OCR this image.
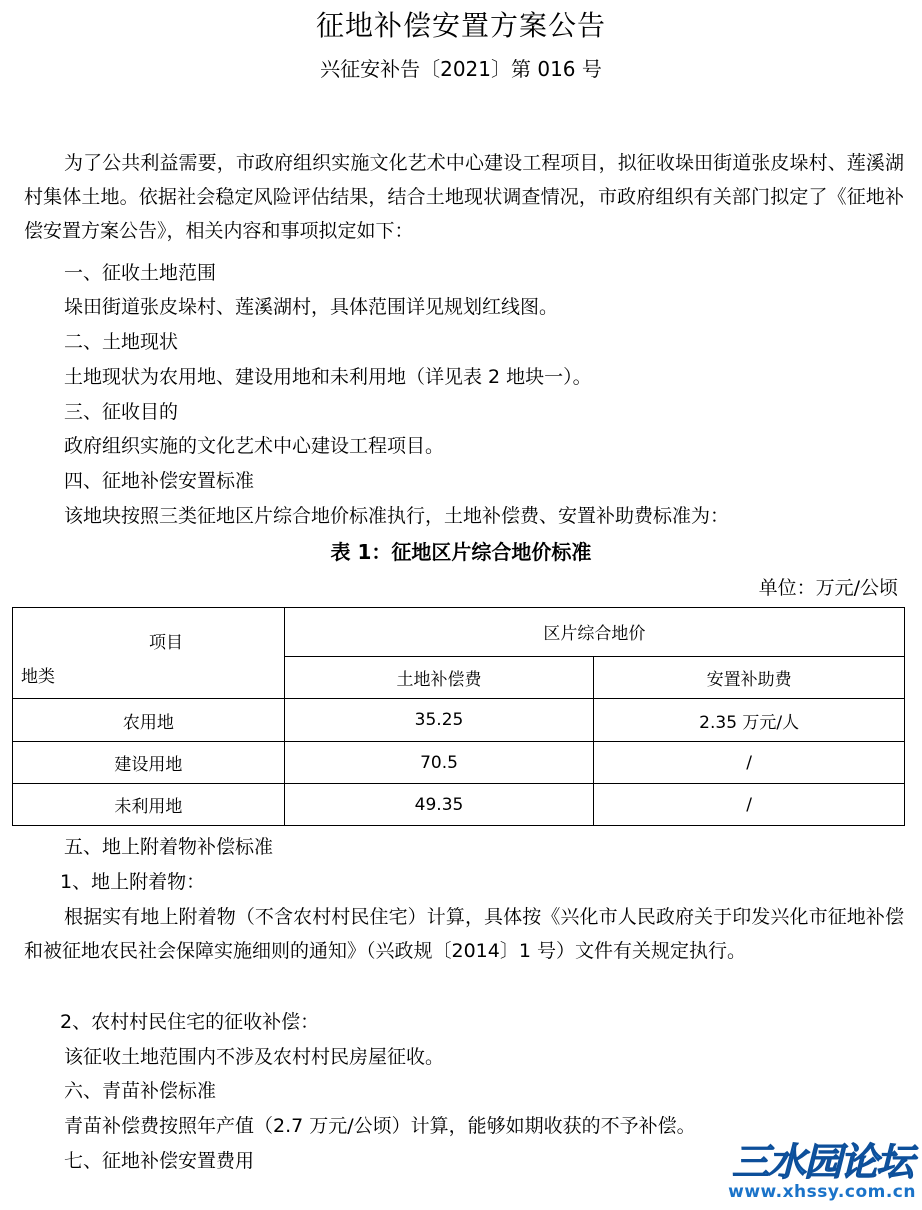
征地补偿安置方案公告
兴征安补告〔2021〕第 016 号

为了公共利益需要，市政府组织实施文化艺术中心建设工程项目，拟征收垛田街道张皮垛村、莲溪湖村集体土地。依据社会稳定风险评估结果，结合土地现状调查情况，市政府组织有关部门拟定了《征地补偿安置方案公告》，相关内容和事项拟定如下：

一、征收土地范围
垛田街道张皮垛村、莲溪湖村，具体范围详见规划红线图。
二、土地现状
土地现状为农用地、建设用地和未利用地（详见表 2 地块一）。
三、征收目的
政府组织实施的文化艺术中心建设工程项目。
四、征地补偿安置标准
该地块按照三类征地区片综合地价标准执行，土地补偿费、安置补助费标准为：
表 1：征地区片综合地价标准
单位：万元/公顷
项目
地类	区片综合地价	
	土地补偿费	安置补助费
农用地	35.25	2.35 万元/人
建设用地	70.5	/
未利用地	49.35	/
五、地上附着物补偿标准
1、地上附着物：

根据实有地上附着物（不含农村村民住宅）计算，具体按《兴化市人民政府关于印发兴化市征地补偿和被征地农民社会保障实施细则的通知》（兴政规〔2014〕1 号）文件有关规定执行。

2、农村村民住宅的征收补偿：
该征收土地范围内不涉及农村村民房屋征收。
六、青苗补偿标准
青苗补偿费按照年产值（2.7 万元/公顷）计算，能够如期收获的不予补偿。
七、征地补偿安置费用	三水园论坛
www.xhssy.com.cn
